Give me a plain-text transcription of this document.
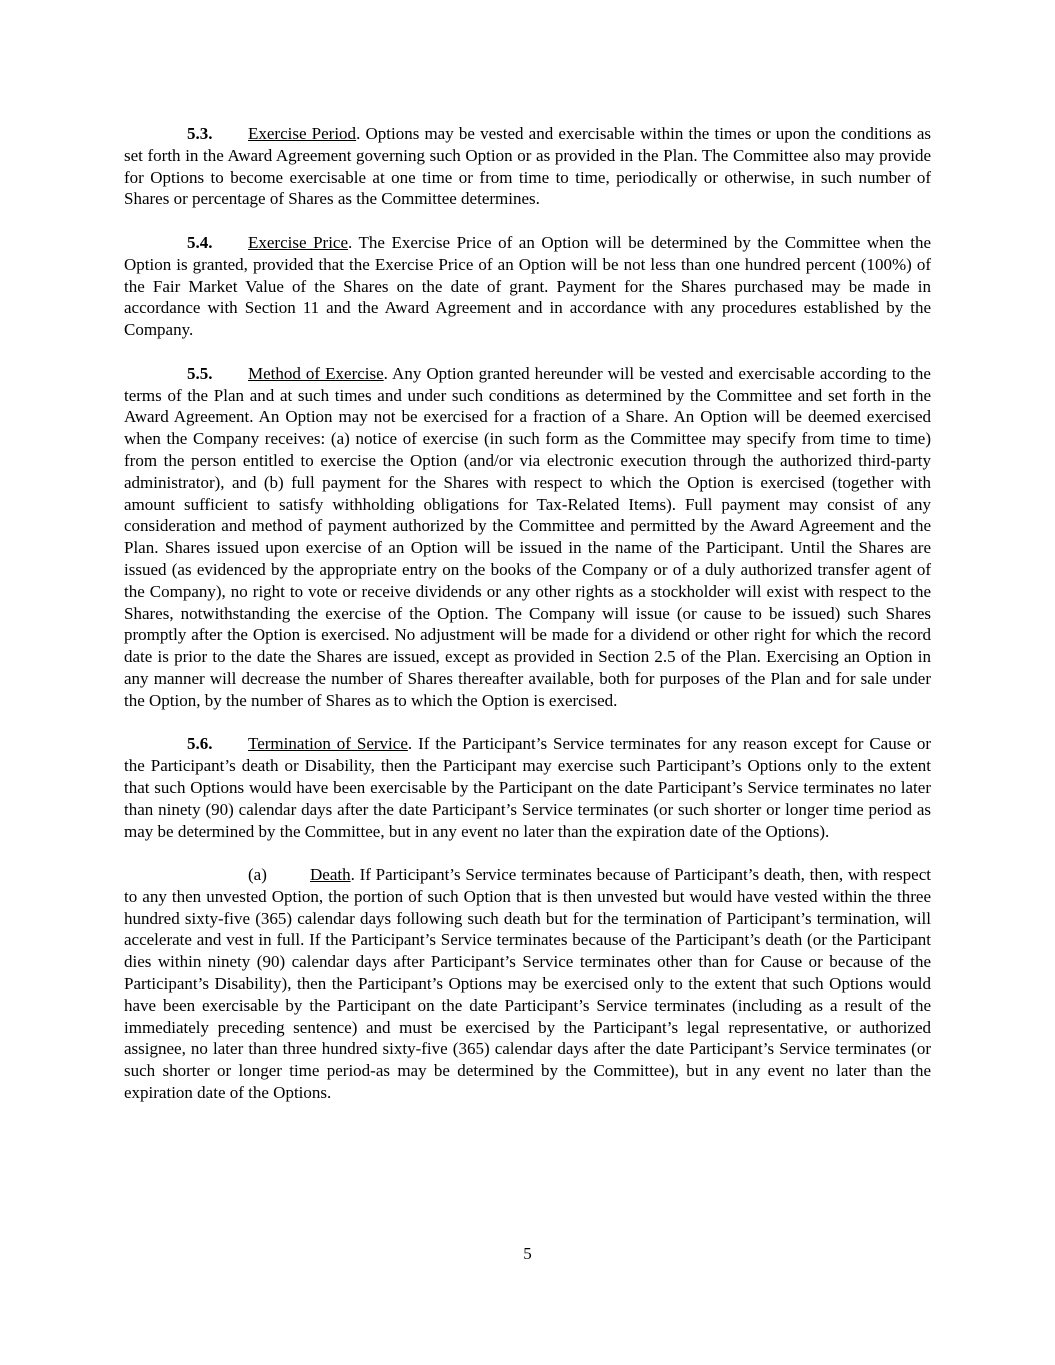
5.3. Exercise Period. Options may be vested and exercisable within the times or upon the conditions as set forth in the Award Agreement governing such Option or as provided in the Plan. The Committee also may provide for Options to become exercisable at one time or from time to time, periodically or otherwise, in such number of Shares or percentage of Shares as the Committee determines.

5.4. Exercise Price. The Exercise Price of an Option will be determined by the Committee when the Option is granted, provided that the Exercise Price of an Option will be not less than one hundred percent (100%) of the Fair Market Value of the Shares on the date of grant. Payment for the Shares purchased may be made in accordance with Section 11 and the Award Agreement and in accordance with any procedures established by the Company.

5.5. Method of Exercise. Any Option granted hereunder will be vested and exercisable according to the terms of the Plan and at such times and under such conditions as determined by the Committee and set forth in the Award Agreement. An Option may not be exercised for a fraction of a Share. An Option will be deemed exercised when the Company receives: (a) notice of exercise (in such form as the Committee may specify from time to time) from the person entitled to exercise the Option (and/or via electronic execution through the authorized third-party administrator), and (b) full payment for the Shares with respect to which the Option is exercised (together with amount sufficient to satisfy withholding obligations for Tax-Related Items). Full payment may consist of any consideration and method of payment authorized by the Committee and permitted by the Award Agreement and the Plan. Shares issued upon exercise of an Option will be issued in the name of the Participant. Until the Shares are issued (as evidenced by the appropriate entry on the books of the Company or of a duly authorized transfer agent of the Company), no right to vote or receive dividends or any other rights as a stockholder will exist with respect to the Shares, notwithstanding the exercise of the Option. The Company will issue (or cause to be issued) such Shares promptly after the Option is exercised. No adjustment will be made for a dividend or other right for which the record date is prior to the date the Shares are issued, except as provided in Section 2.5 of the Plan. Exercising an Option in any manner will decrease the number of Shares thereafter available, both for purposes of the Plan and for sale under the Option, by the number of Shares as to which the Option is exercised.

5.6. Termination of Service. If the Participant’s Service terminates for any reason except for Cause or the Participant’s death or Disability, then the Participant may exercise such Participant’s Options only to the extent that such Options would have been exercisable by the Participant on the date Participant’s Service terminates no later than ninety (90) calendar days after the date Participant’s Service terminates (or such shorter or longer time period as may be determined by the Committee, but in any event no later than the expiration date of the Options).

(a)	Death. If Participant’s Service terminates because of Participant’s death, then, with respect to any then unvested Option, the portion of such Option that is then unvested but would have vested within the three hundred sixty-five (365) calendar days following such death but for the termination of Participant’s termination, will accelerate and vest in full. If the Participant’s Service terminates because of the Participant’s death (or the Participant dies within ninety (90) calendar days after Participant’s Service terminates other than for Cause or because of the Participant’s Disability), then the Participant’s Options may be exercised only to the extent that such Options would have been exercisable by the Participant on the date Participant’s Service terminates (including as a result of the immediately preceding sentence) and must be exercised by the Participant’s legal representative, or authorized assignee, no later than three hundred sixty-five (365) calendar days after the date Participant’s Service terminates (or such shorter or longer time period-as may be determined by the Committee), but in any event no later than the expiration date of the Options.

5
